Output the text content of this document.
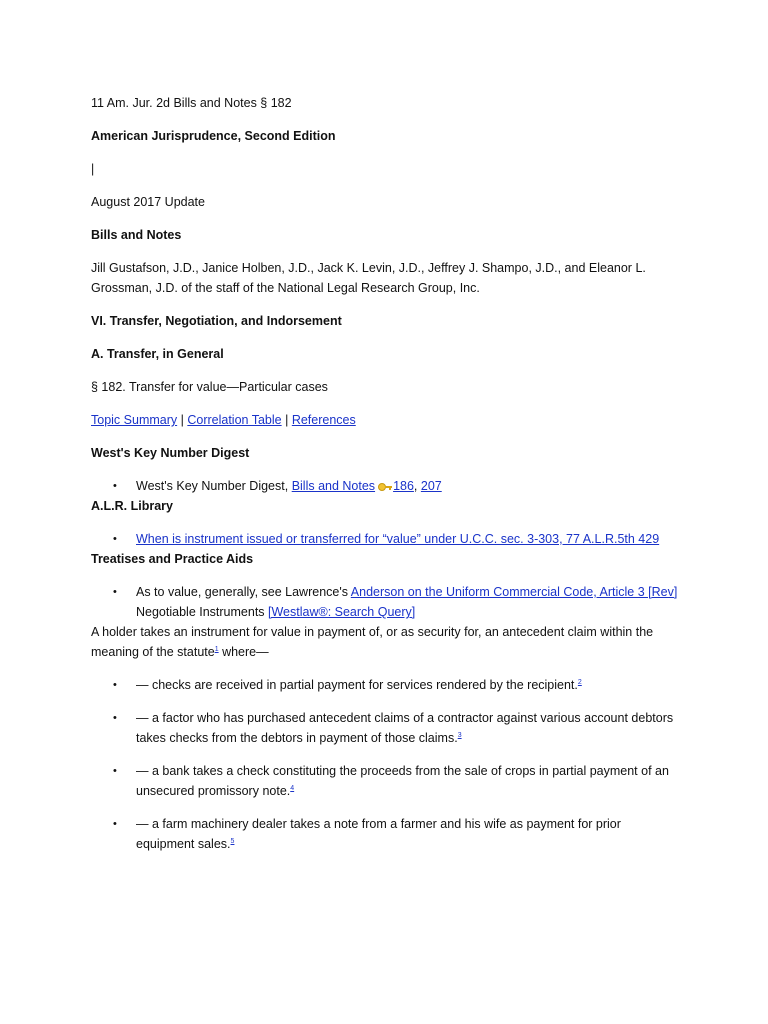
11 Am. Jur. 2d Bills and Notes § 182

American Jurisprudence, Second Edition

|

August 2017 Update

Bills and Notes

Jill Gustafson, J.D., Janice Holben, J.D., Jack K. Levin, J.D., Jeffrey J. Shampo, J.D., and Eleanor L.

Grossman, J.D. of the staff of the National Legal Research Group, Inc.

VI. Transfer, Negotiation, and Indorsement

A. Transfer, in General

§ 182. Transfer for value—Particular cases

Topic Summary | Correlation Table | References

West's Key Number Digest

• West's Key Number Digest, Bills and Notes 186, 207

A.L.R. Library

• When is instrument issued or transferred for “value” under U.C.C. sec. 3-303, 77 A.L.R.5th 429

Treatises and Practice Aids

• As to value, generally, see Lawrence's Anderson on the Uniform Commercial Code, Article 3 [Rev]
Negotiable Instruments [Westlaw®: Search Query]

A holder takes an instrument for value in payment of, or as security for, an antecedent claim within the

meaning of the statute$^1$ where—

• — checks are received in partial payment for services rendered by the recipient.$^2$
• — a factor who has purchased antecedent claims of a contractor against various account debtors
takes checks from the debtors in payment of those claims.$^3$
• — a bank takes a check constituting the proceeds from the sale of crops in partial payment of an
unsecured promissory note.$^4$
• — a farm machinery dealer takes a note from a farmer and his wife as payment for prior
equipment sales.$^5$
